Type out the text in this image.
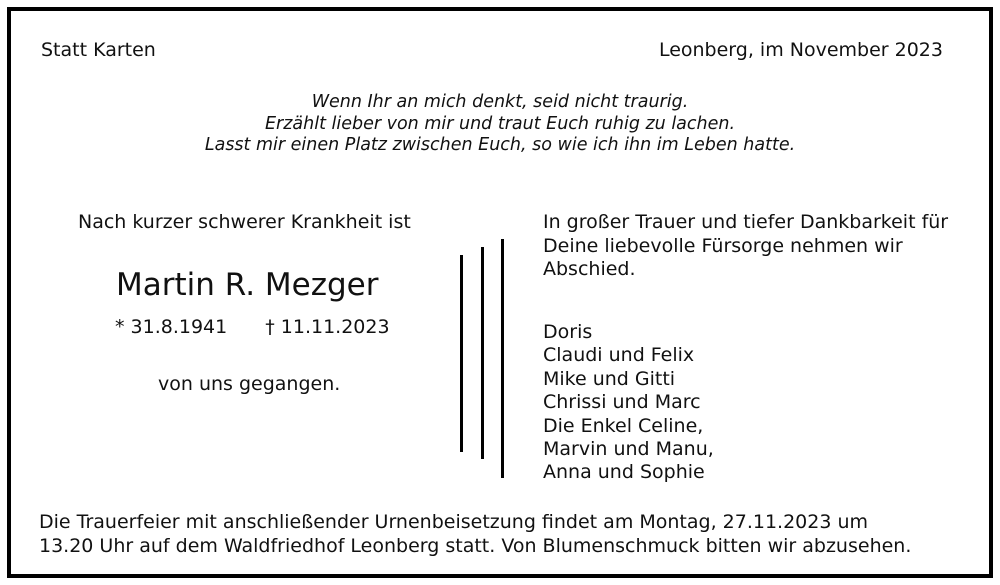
Statt Karten	Leonberg, im November 2023
Wenn Ihr an mich denkt, seid nicht traurig.
Erzählt lieber von mir und traut Euch ruhig zu lachen.
Lasst mir einen Platz zwischen Euch, so wie ich ihn im Leben hatte.
Nach kurzer schwerer Krankheit ist
Martin R. Mezger
* 31.8.1941 † 11.11.2023
von uns gegangen.
In großer Trauer und tiefer Dankbarkeit für
Deine liebevolle Fürsorge nehmen wir
Abschied.
Doris
Claudi und Felix
Mike und Gitti
Chrissi und Marc
Die Enkel Celine,
Marvin und Manu,
Anna und Sophie
Die Trauerfeier mit anschließender Urnenbeisetzung findet am Montag, 27.11.2023 um
13.20 Uhr auf dem Waldfriedhof Leonberg statt. Von Blumenschmuck bitten wir abzusehen.
